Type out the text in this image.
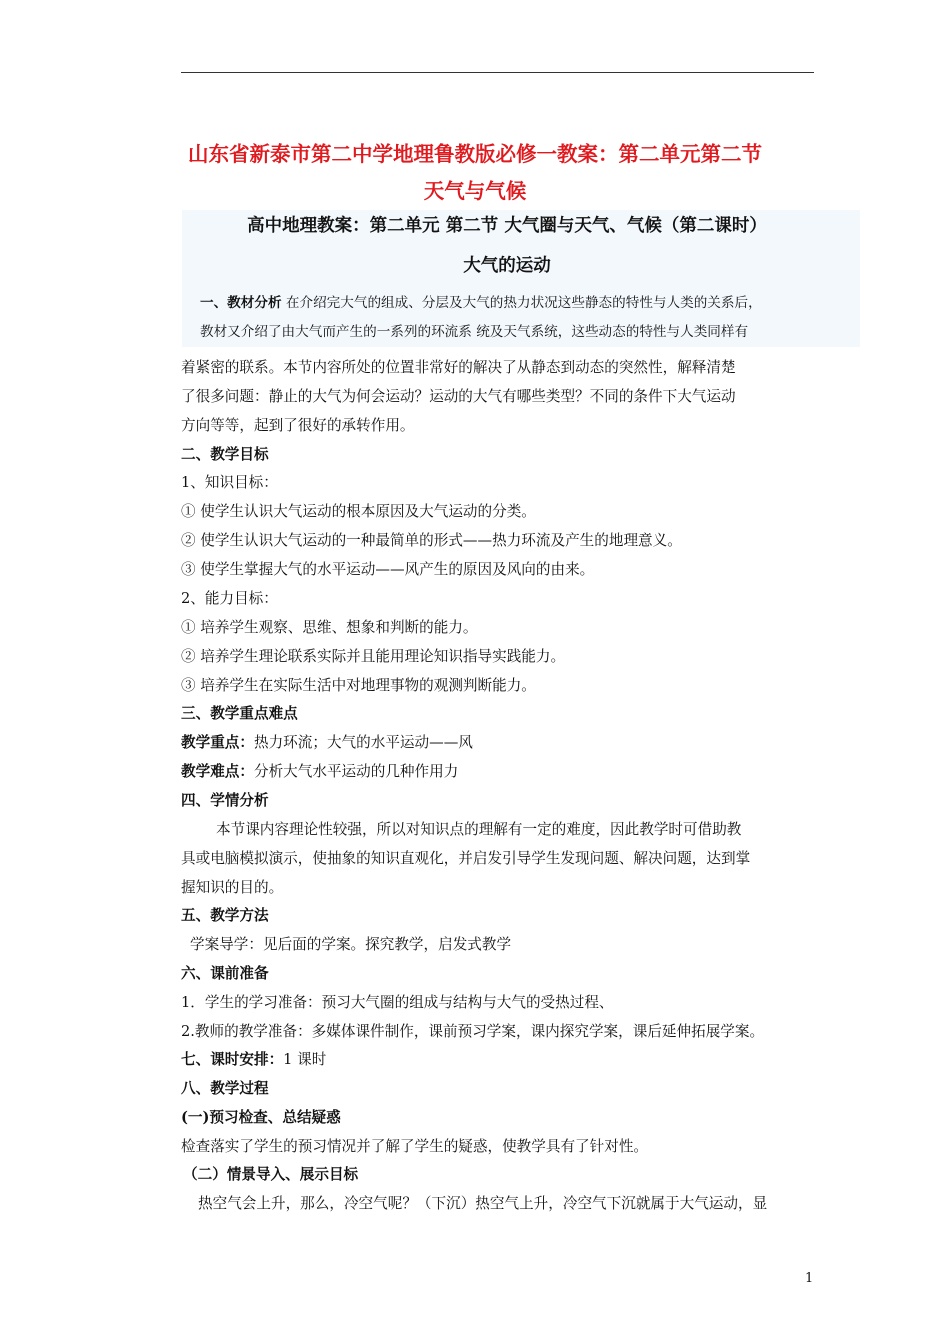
山东省新泰市第二中学地理鲁教版必修一教案：第二单元第二节
天气与气候
高中地理教案：第二单元 第二节 大气圈与天气、气候（第二课时）
大气的运动
一、教材分析 在介绍完大气的组成、分层及大气的热力状况这些静态的特性与人类的关系后，
教材又介绍了由大气而产生的一系列的环流系 统及天气系统，这些动态的特性与人类同样有
着紧密的联系。本节内容所处的位置非常好的解决了从静态到动态的突然性，解释清楚
了很多问题：静止的大气为何会运动？运动的大气有哪些类型？不同的条件下大气运动
方向等等，起到了很好的承转作用。
二、教学目标
1、知识目标：
① 使学生认识大气运动的根本原因及大气运动的分类。
② 使学生认识大气运动的一种最简单的形式——热力环流及产生的地理意义。
③ 使学生掌握大气的水平运动——风产生的原因及风向的由来。
2、能力目标：
① 培养学生观察、思维、想象和判断的能力。
② 培养学生理论联系实际并且能用理论知识指导实践能力。
③ 培养学生在实际生活中对地理事物的观测判断能力。
三、教学重点难点
教学重点：热力环流；大气的水平运动——风
教学难点：分析大气水平运动的几种作用力
四、学情分析
本节课内容理论性较强，所以对知识点的理解有一定的难度，因此教学时可借助教
具或电脑模拟演示，使抽象的知识直观化，并启发引导学生发现问题、解决问题，达到掌
握知识的目的。
五、教学方法
学案导学：见后面的学案。探究教学，启发式教学
六、课前准备
1．学生的学习准备：预习大气圈的组成与结构与大气的受热过程、
2.教师的教学准备：多媒体课件制作，课前预习学案，课内探究学案，课后延伸拓展学案。
七、课时安排：1 课时
八、教学过程
(一)预习检查、总结疑惑
检查落实了学生的预习情况并了解了学生的疑惑，使教学具有了针对性。
（二）情景导入、展示目标
热空气会上升，那么，冷空气呢？（下沉）热空气上升，冷空气下沉就属于大气运动，显
1
